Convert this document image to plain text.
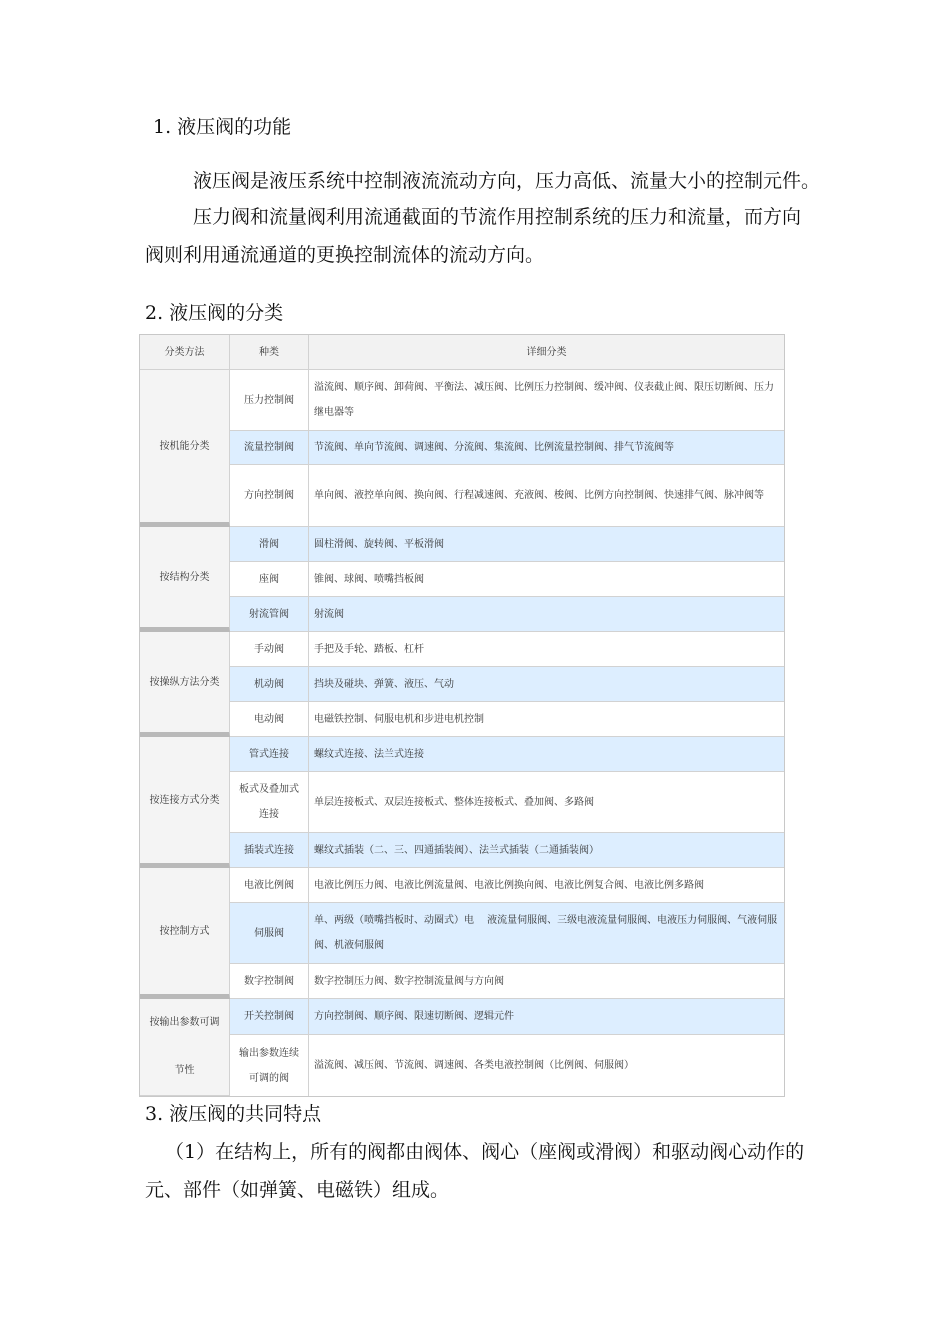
1. 液压阀的功能

液压阀是液压系统中控制液流流动方向，压力高低、流量大小的控制元件。

压力阀和流量阀利用流通截面的节流作用控制系统的压力和流量，而方向
阀则利用通流通道的更换控制流体的流动方向。

2. 液压阀的分类
分类方法	种类	详细分类
按机能分类	压力控制阀	溢流阀、顺序阀、卸荷阀、平衡法、减压阀、比例压力控制阀、缓冲阀、仪表截止阀、限压切断阀、压力继电器等
	流量控制阀	节流阀、单向节流阀、调速阀、分流阀、集流阀、比例流量控制阀、排气节流阀等
	方向控制阀	单向阀、液控单向阀、换向阀、行程减速阀、充液阀、梭阀、比例方向控制阀、快速排气阀、脉冲阀等
按结构分类	滑阀	圆柱滑阀、旋转阀、平板滑阀
	座阀	锥阀、球阀、喷嘴挡板阀
	射流管阀	射流阀
按操纵方法分类	手动阀	手把及手轮、踏板、杠杆
	机动阀	挡块及碰块、弹簧、液压、气动
	电动阀	电磁铁控制、伺服电机和步进电机控制
按连接方式分类	管式连接	螺纹式连接、法兰式连接
	板式及叠加式连接	单层连接板式、双层连接板式、整体连接板式、叠加阀、多路阀
	插装式连接	螺纹式插装（二、三、四通插装阀）、法兰式插装（二通插装阀）
按控制方式	电液比例阀	电液比例压力阀、电液比例流量阀、电液比例换向阀、电液比例复合阀、电液比例多路阀
	伺服阀	单、两级（喷嘴挡板时、动圈式）电　 液流量伺服阀、三级电液流量伺服阀、电液压力伺服阀、气液伺服阀、机液伺服阀
	数字控制阀	数字控制压力阀、数字控制流量阀与方向阀
按输出参数可调节性	开关控制阀	方向控制阀、顺序阀、限速切断阀、逻辑元件
	输出参数连续可调的阀	溢流阀、减压阀、节流阀、调速阀、各类电液控制阀（比例阀、伺服阀）
3. 液压阀的共同特点

（1）在结构上，所有的阀都由阀体、阀心（座阀或滑阀）和驱动阀心动作的
元、部件（如弹簧、电磁铁）组成。
